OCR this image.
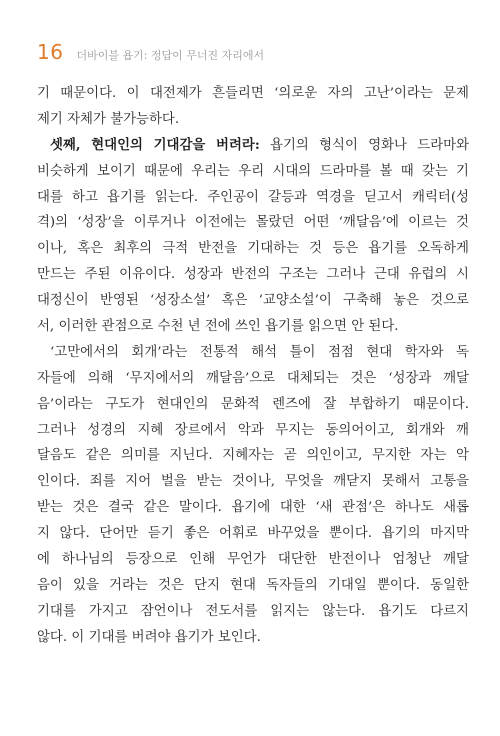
16 더바이블 욥기: 정답이 무너진 자리에서
기 때문이다. 이 대전제가 흔들리면 ‘의로운 자의 고난’이라는 문제
제기 자체가 불가능하다.
셋째, 현대인의 기대감을 버려라: 욥기의 형식이 영화나 드라마와
비슷하게 보이기 때문에 우리는 우리 시대의 드라마를 볼 때 갖는 기
대를 하고 욥기를 읽는다. 주인공이 갈등과 역경을 딛고서 캐릭터(성
격)의 ‘성장’을 이루거나 이전에는 몰랐던 어떤 ‘깨달음’에 이르는 것
이나, 혹은 최후의 극적 반전을 기대하는 것 등은 욥기를 오독하게
만드는 주된 이유이다. 성장과 반전의 구조는 그러나 근대 유럽의 시
대정신이 반영된 ‘성장소설’ 혹은 ‘교양소설’이 구축해 놓은 것으로
서, 이러한 관점으로 수천 년 전에 쓰인 욥기를 읽으면 안 된다.
‘고만에서의 회개’라는 전통적 해석 틀이 점점 현대 학자와 독
자들에 의해 ‘무지에서의 깨달음’으로 대체되는 것은 ‘성장과 깨달
음’이라는 구도가 현대인의 문화적 렌즈에 잘 부합하기 때문이다.
그러나 성경의 지혜 장르에서 악과 무지는 동의어이고, 회개와 깨
달음도 같은 의미를 지닌다. 지혜자는 곧 의인이고, 무지한 자는 악
인이다. 죄를 지어 벌을 받는 것이나, 무엇을 깨닫지 못해서 고통을
받는 것은 결국 같은 말이다. 욥기에 대한 ‘새 관점’은 하나도 새롭
지 않다. 단어만 듣기 좋은 어휘로 바꾸었을 뿐이다. 욥기의 마지막
에 하나님의 등장으로 인해 무언가 대단한 반전이나 엄청난 깨달
음이 있을 거라는 것은 단지 현대 독자들의 기대일 뿐이다. 동일한
기대를 가지고 잠언이나 전도서를 읽지는 않는다. 욥기도 다르지
않다. 이 기대를 버려야 욥기가 보인다.
